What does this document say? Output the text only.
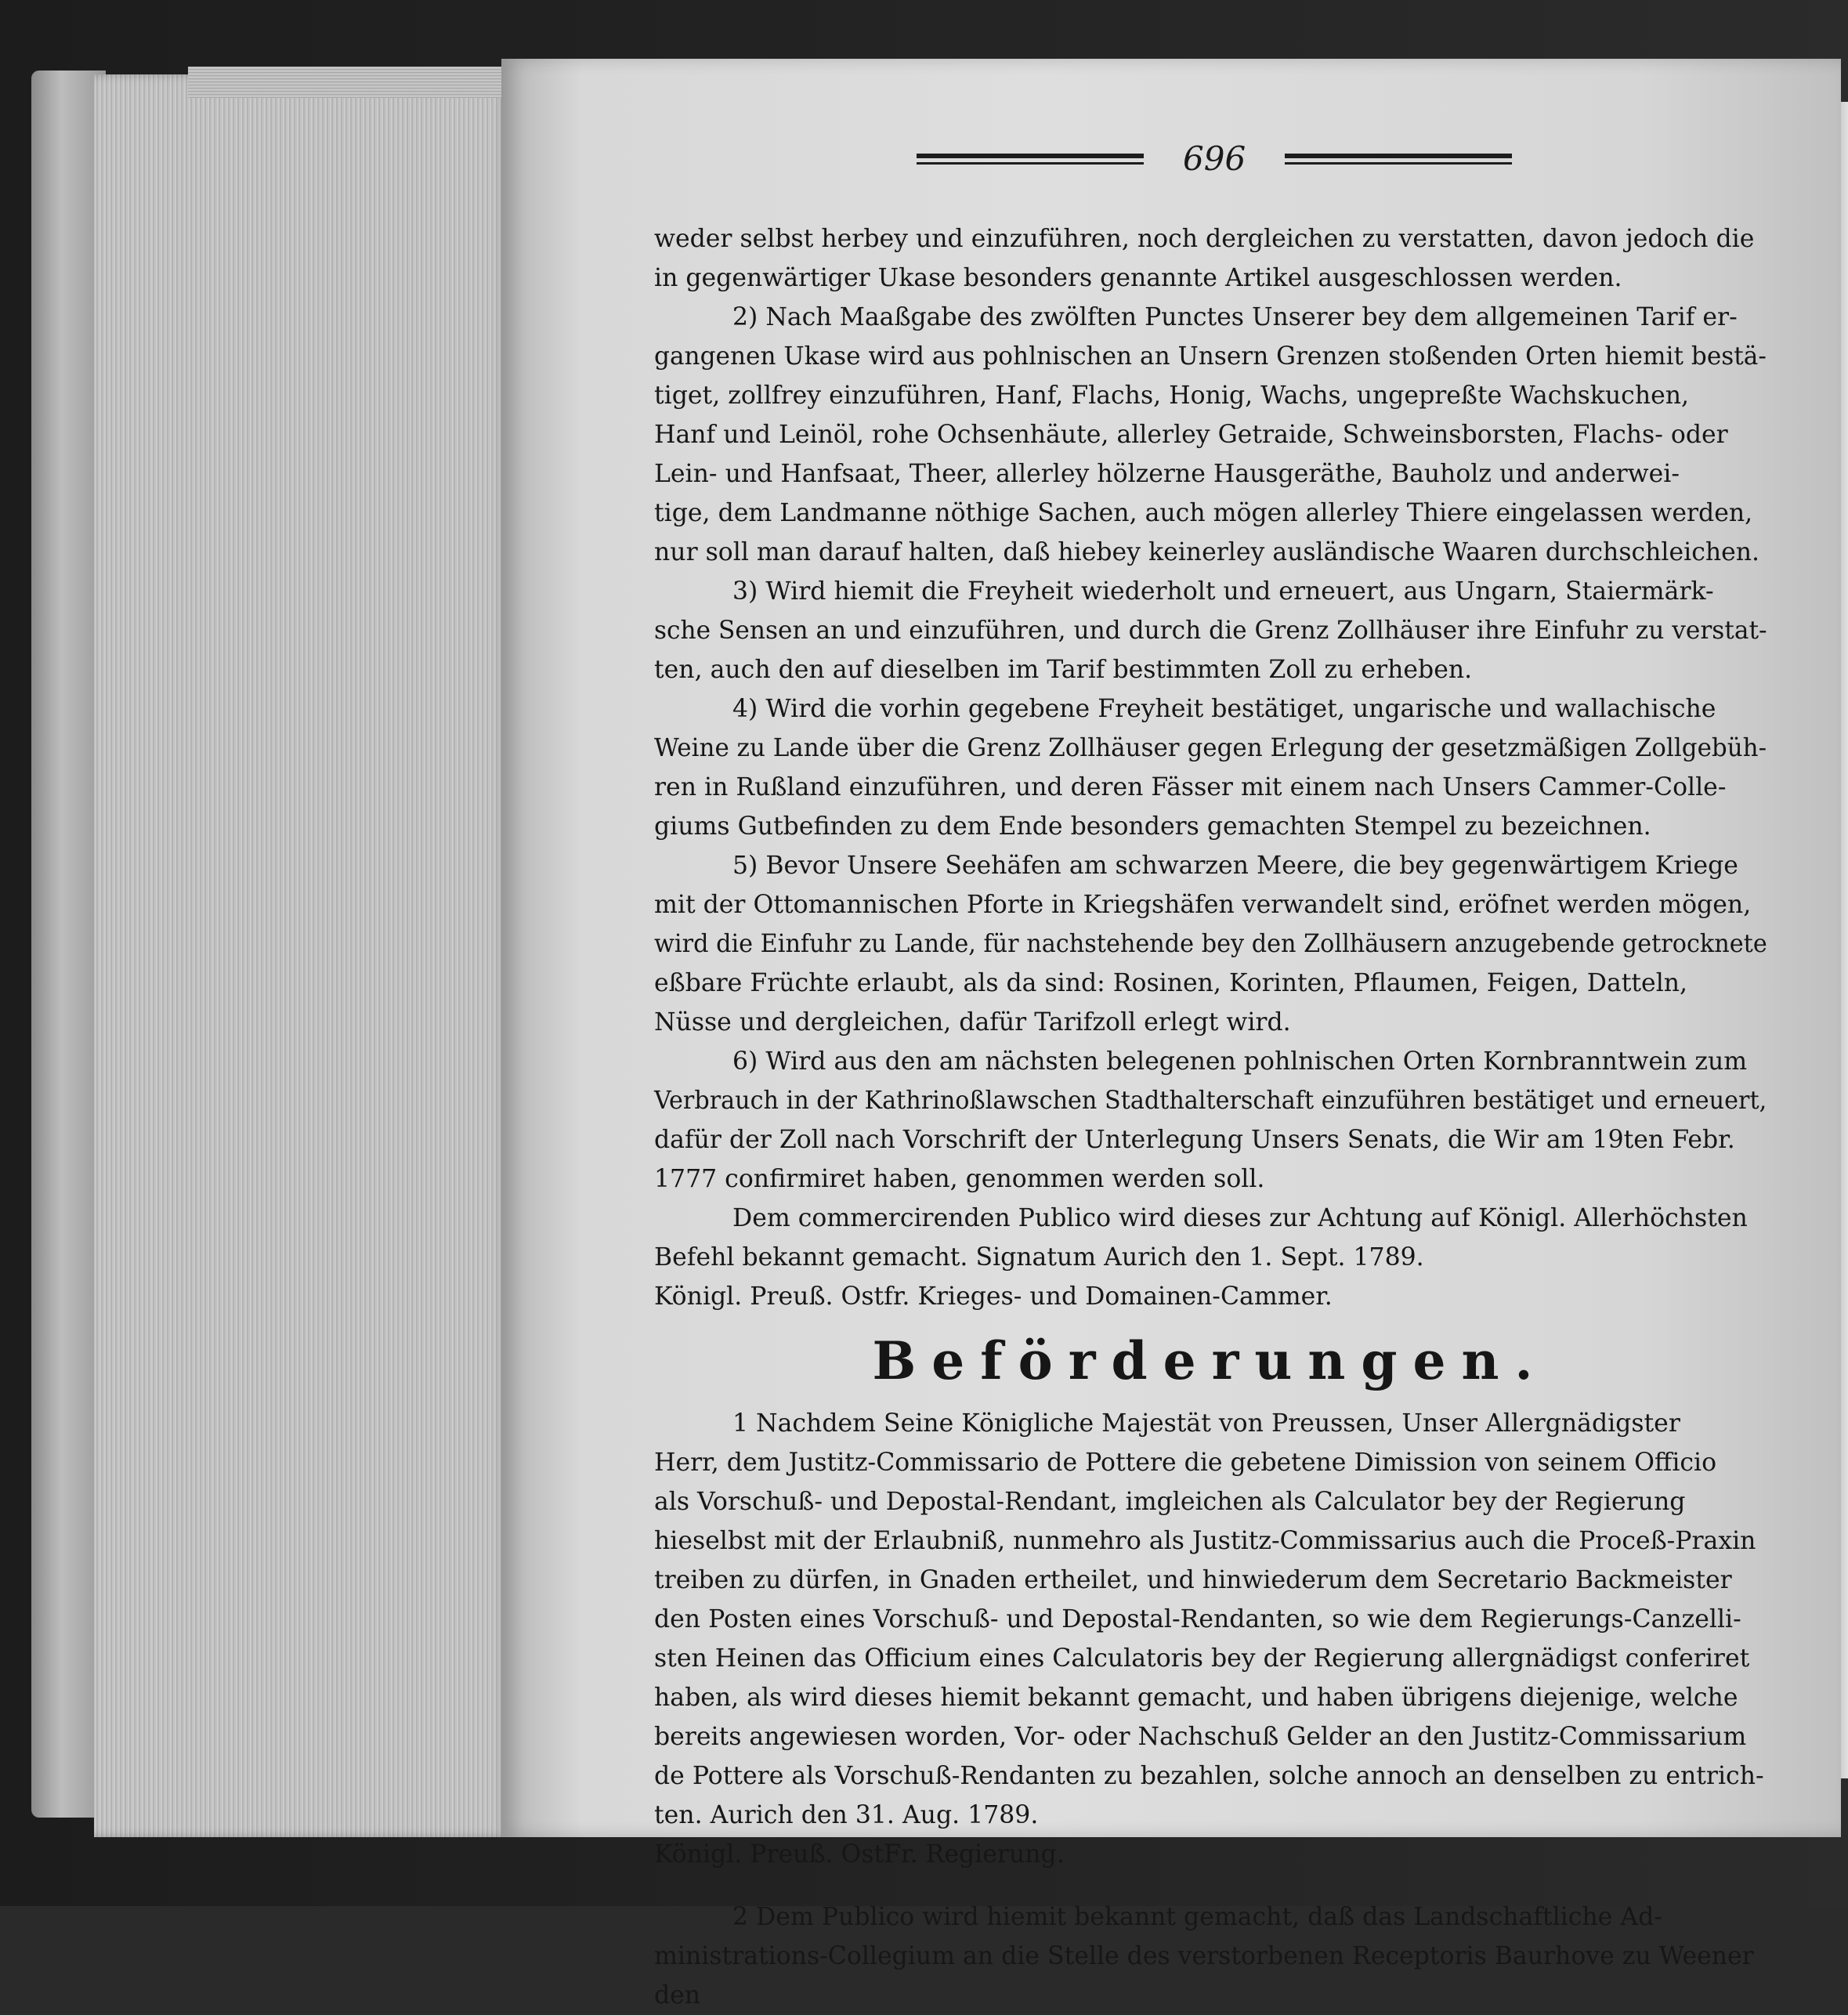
696

weder selbst herbey und einzuführen, noch dergleichen zu verstatten, davon jedoch die
in gegenwärtiger Ukase besonders genannte Artikel ausgeschlossen werden.

2) Nach Maaßgabe des zwölften Punctes Unserer bey dem allgemeinen Tarif er-
gangenen Ukase wird aus pohlnischen an Unsern Grenzen stoßenden Orten hiemit bestä-
tiget, zollfrey einzuführen, Hanf, Flachs, Honig, Wachs, ungepreßte Wachskuchen,
Hanf und Leinöl, rohe Ochsenhäute, allerley Getraide, Schweinsborsten, Flachs- oder
Lein- und Hanfsaat, Theer, allerley hölzerne Hausgeräthe, Bauholz und anderwei-
tige, dem Landmanne nöthige Sachen, auch mögen allerley Thiere eingelassen werden,
nur soll man darauf halten, daß hiebey keinerley ausländische Waaren durchschleichen.

3) Wird hiemit die Freyheit wiederholt und erneuert, aus Ungarn, Staiermärk-
sche Sensen an und einzuführen, und durch die Grenz Zollhäuser ihre Einfuhr zu verstat-
ten, auch den auf dieselben im Tarif bestimmten Zoll zu erheben.

4) Wird die vorhin gegebene Freyheit bestätiget, ungarische und wallachische
Weine zu Lande über die Grenz Zollhäuser gegen Erlegung der gesetzmäßigen Zollgebüh-
ren in Rußland einzuführen, und deren Fässer mit einem nach Unsers Cammer-Colle-
giums Gutbefinden zu dem Ende besonders gemachten Stempel zu bezeichnen.

5) Bevor Unsere Seehäfen am schwarzen Meere, die bey gegenwärtigem Kriege
mit der Ottomannischen Pforte in Kriegshäfen verwandelt sind, eröfnet werden mögen,
wird die Einfuhr zu Lande, für nachstehende bey den Zollhäusern anzugebende getrocknete
eßbare Früchte erlaubt, als da sind: Rosinen, Korinten, Pflaumen, Feigen, Datteln,
Nüsse und dergleichen, dafür Tarifzoll erlegt wird.

6) Wird aus den am nächsten belegenen pohlnischen Orten Kornbranntwein zum
Verbrauch in der Kathrinoßlawschen Stadthalterschaft einzuführen bestätiget und erneuert,
dafür der Zoll nach Vorschrift der Unterlegung Unsers Senats, die Wir am 19ten Febr.
1777 confirmiret haben, genommen werden soll.

Dem commercirenden Publico wird dieses zur Achtung auf Königl. Allerhöchsten
Befehl bekannt gemacht. Signatum Aurich den 1. Sept. 1789.

Königl. Preuß. Ostfr. Krieges- und Domainen-Cammer.

Beförderungen.

1 Nachdem Seine Königliche Majestät von Preussen, Unser Allergnädigster
Herr, dem Justitz-Commissario de Pottere die gebetene Dimission von seinem Officio
als Vorschuß- und Depostal-Rendant, imgleichen als Calculator bey der Regierung
hieselbst mit der Erlaubniß, nunmehro als Justitz-Commissarius auch die Proceß-Praxin
treiben zu dürfen, in Gnaden ertheilet, und hinwiederum dem Secretario Backmeister
den Posten eines Vorschuß- und Depostal-Rendanten, so wie dem Regierungs-Canzelli-
sten Heinen das Officium eines Calculatoris bey der Regierung allergnädigst conferiret
haben, als wird dieses hiemit bekannt gemacht, und haben übrigens diejenige, welche
bereits angewiesen worden, Vor- oder Nachschuß Gelder an den Justitz-Commissarium
de Pottere als Vorschuß-Rendanten zu bezahlen, solche annoch an denselben zu entrich-
ten. Aurich den 31. Aug. 1789.

Königl. Preuß. OstFr. Regierung.

2 Dem Publico wird hiemit bekannt gemacht, daß das Landschaftliche Ad-
ministrations-Collegium an die Stelle des verstorbenen Receptoris Baurhove zu Weener

den
